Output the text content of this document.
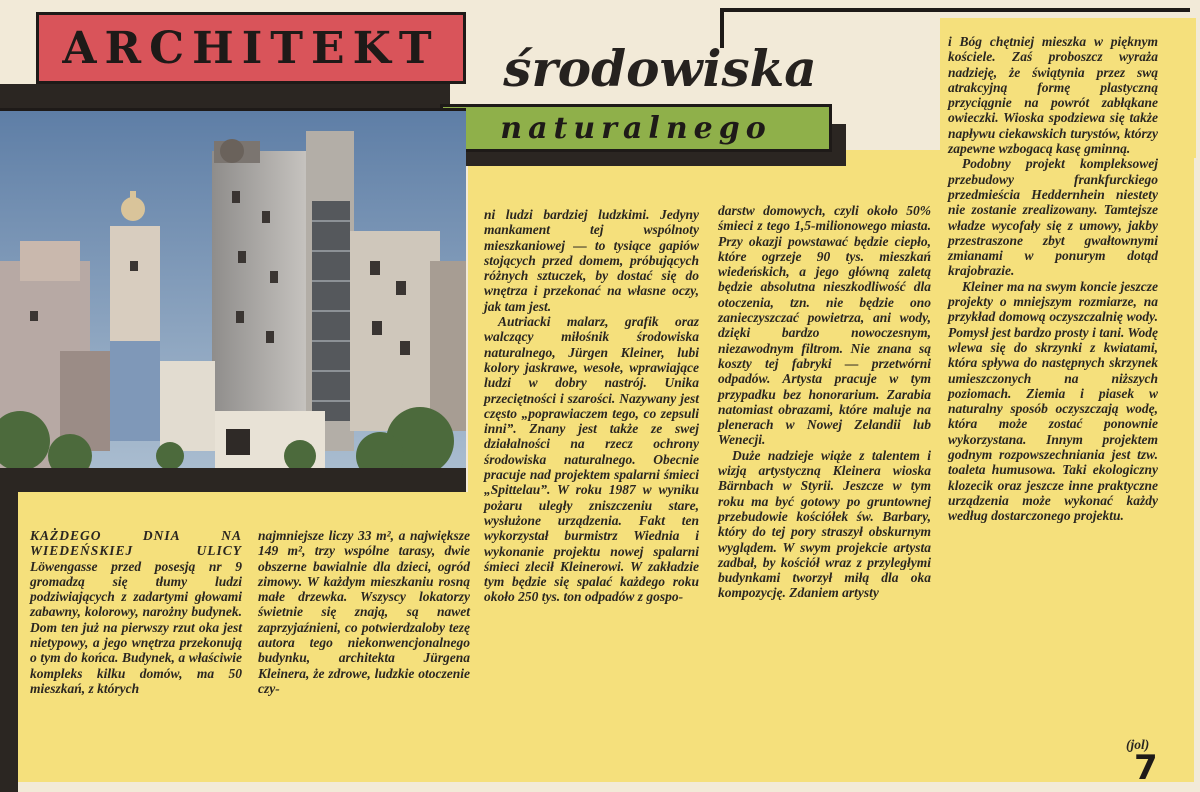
ARCHITEKT środowiska
naturalnego

KAŻDEGO DNIA NA WIEDEŃSKIEJ ULICY Löwengasse przed posesją nr 9 gromadzą się tłumy ludzi podziwiających z zadartymi głowami zabawny, kolorowy, narożny budynek. Dom ten już na pierwszy rzut oka jest nietypowy, a jego wnętrza przekonują o tym do końca. Budynek, a właściwie kompleks kilku domów, ma 50 mieszkań, z których

najmniejsze liczy 33 m², a największe 149 m², trzy wspólne tarasy, dwie obszerne bawialnie dla dzieci, ogród zimowy. W każdym mieszkaniu rosną małe drzewka. Wszyscy lokatorzy świetnie się znają, są nawet zaprzyjaźnieni, co potwierdzaloby tezę autora tego niekonwencjonalnego budynku, architekta Jürgena Kleinera, że zdrowe, ludzkie otoczenie czy-

ni ludzi bardziej ludzkimi. Jedyny mankament tej wspólnoty mieszkaniowej — to tysiące gapiów stojących przed domem, próbujących różnych sztuczek, by dostać się do wnętrza i przekonać na własne oczy, jak tam jest.

Autriacki malarz, grafik oraz walczący miłośnik środowiska naturalnego, Jürgen Kleiner, lubi kolory jaskrawe, wesołe, wprawiające ludzi w dobry nastrój. Unika przeciętności i szarości. Nazywany jest często „poprawiaczem tego, co zepsuli inni”. Znany jest także ze swej działalności na rzecz ochrony środowiska naturalnego. Obecnie pracuje nad projektem spalarni śmieci „Spittelau”. W roku 1987 w wyniku pożaru uległy zniszczeniu stare, wysłużone urządzenia. Fakt ten wykorzystał burmistrz Wiednia i wykonanie projektu nowej spalarni śmieci zlecił Kleinerowi. W zakładzie tym będzie się spalać każdego roku około 250 tys. ton odpadów z gospo-

darstw domowych, czyli około 50% śmieci z tego 1,5-milionowego miasta. Przy okazji powstawać będzie ciepło, które ogrzeje 90 tys. mieszkań wiedeńskich, a jego główną zaletą będzie absolutna nieszkodliwość dla otoczenia, tzn. nie będzie ono zanieczyszczać powietrza, ani wody, dzięki bardzo nowoczesnym, niezawodnym filtrom. Nie znana są koszty tej fabryki — przetwórni odpadów. Artysta pracuje w tym przypadku bez honorarium. Zarabia natomiast obrazami, które maluje na plenerach w Nowej Zelandii lub Wenecji.

Duże nadzieje wiąże z talentem i wizją artystyczną Kleinera wioska Bärnbach w Styrii. Jeszcze w tym roku ma być gotowy po gruntownej przebudowie kościółek św. Barbary, który do tej pory straszył obskurnym wyglądem. W swym projekcie artysta zadbał, by kościół wraz z przyległymi budynkami tworzył miłą dla oka kompozycję. Zdaniem artysty

i Bóg chętniej mieszka w pięknym kościele. Zaś proboszcz wyraża nadzieję, że świątynia przez swą atrakcyjną formę plastyczną przyciągnie na powrót zabłąkane owieczki. Wioska spodziewa się także napływu ciekawskich turystów, którzy zapewne wzbogacą kasę gminną.

Podobny projekt kompleksowej przebudowy frankfurckiego przedmieścia Heddernhein niestety nie zostanie zrealizowany. Tamtejsze władze wycofały się z umowy, jakby przestraszone zbyt gwałtownymi zmianami w ponurym dotąd krajobrazie.

Kleiner ma na swym koncie jeszcze projekty o mniejszym rozmiarze, na przykład domową oczyszczalnię wody. Pomysł jest bardzo prosty i tani. Wodę wlewa się do skrzynki z kwiatami, która spływa do następnych skrzynek umieszczonych na niższych poziomach. Ziemia i piasek w naturalny sposób oczyszczają wodę, która może zostać ponownie wykorzystana. Innym projektem godnym rozpowszechniania jest tzw. toaleta humusowa. Taki ekologiczny klozecik oraz jeszcze inne praktyczne urządzenia może wykonać każdy według dostarczonego projektu.

(jol)
7
